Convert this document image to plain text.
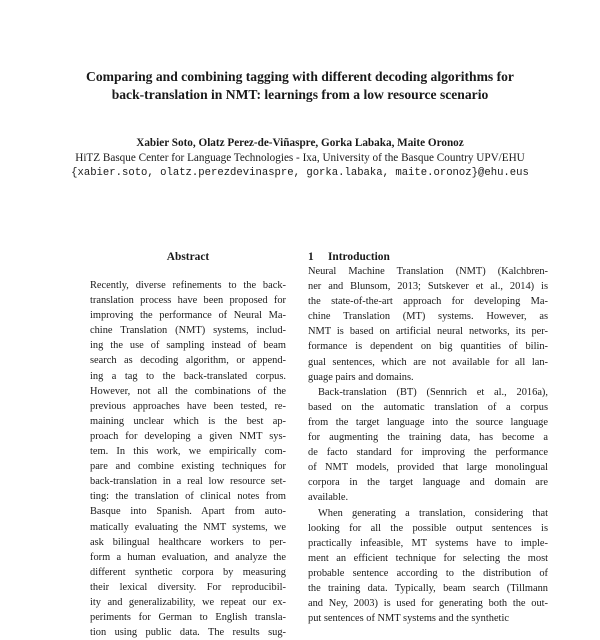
Comparing and combining tagging with different decoding algorithms for
back-translation in NMT: learnings from a low resource scenario
Xabier Soto, Olatz Perez-de-Viñaspre, Gorka Labaka, Maite Oronoz
HiTZ Basque Center for Language Technologies - Ixa, University of the Basque Country UPV/EHU
{xabier.soto, olatz.perezdevinaspre, gorka.labaka, maite.oronoz}@ehu.eus
Abstract	1 Introduction
Recently, diverse refinements to the back-
translation process have been proposed for
improving the performance of Neural Ma-
chine Translation (NMT) systems, includ-
ing the use of sampling instead of beam
search as decoding algorithm, or append-
ing a tag to the back-translated corpus.
However, not all the combinations of the
previous approaches have been tested, re-
maining unclear which is the best ap-
proach for developing a given NMT sys-
tem. In this work, we empirically com-
pare and combine existing techniques for
back-translation in a real low resource set-
ting: the translation of clinical notes from
Basque into Spanish. Apart from auto-
matically evaluating the NMT systems, we
ask bilingual healthcare workers to per-
form a human evaluation, and analyze the
different synthetic corpora by measuring
their lexical diversity. For reproducibil-
ity and generalizability, we repeat our ex-
periments for German to English transla-
tion using public data. The results sug-
Neural Machine Translation (NMT) (Kalchbren-
ner and Blunsom, 2013; Sutskever et al., 2014) is
the state-of-the-art approach for developing Ma-
chine Translation (MT) systems. However, as
NMT is based on artificial neural networks, its per-
formance is dependent on big quantities of bilin-
gual sentences, which are not available for all lan-
guage pairs and domains.
Back-translation (BT) (Sennrich et al., 2016a),
based on the automatic translation of a corpus
from the target language into the source language
for augmenting the training data, has become a
de facto standard for improving the performance
of NMT models, provided that large monolingual
corpora in the target language and domain are
available.
When generating a translation, considering that
looking for all the possible output sentences is
practically infeasible, MT systems have to imple-
ment an efficient technique for selecting the most
probable sentence according to the distribution of
the training data. Typically, beam search (Tillmann
and Ney, 2003) is used for generating both the out-
put sentences of NMT systems and the synthetic
